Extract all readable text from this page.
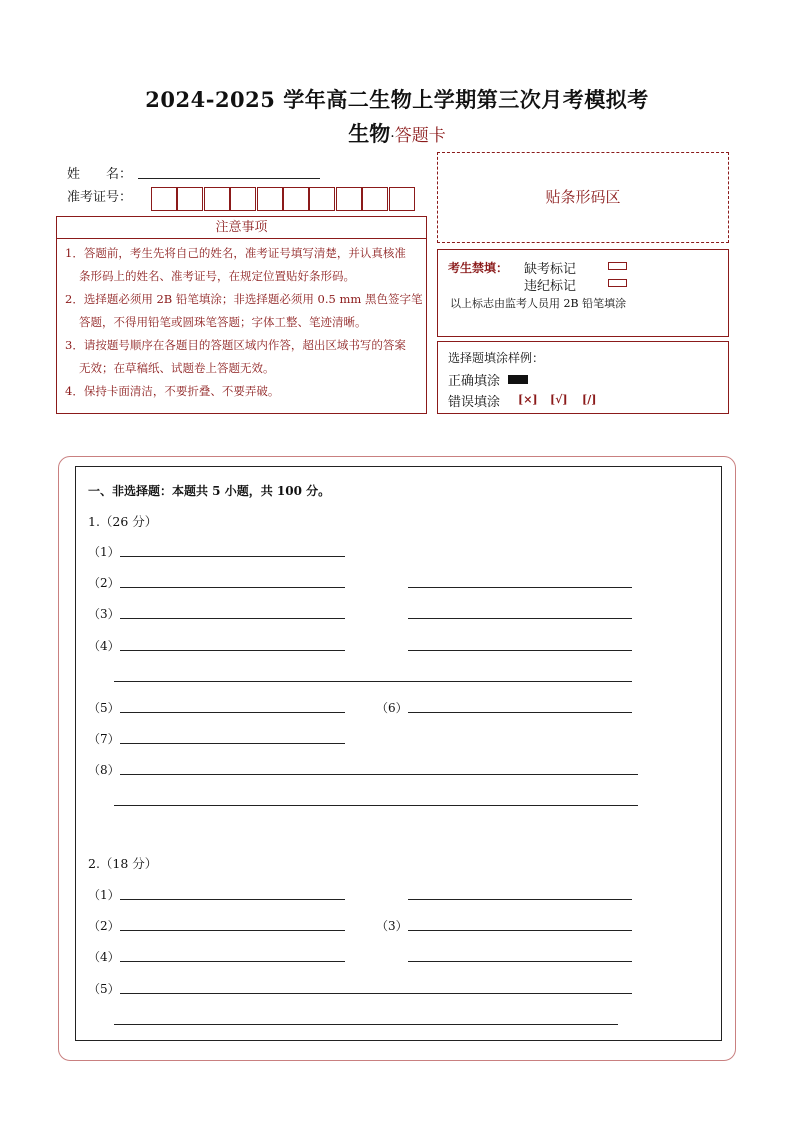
2024-2025 学年高二生物上学期第三次月考模拟考
生物·答题卡
姓　　名：
准考证号：
注意事项
1．答题前，考生先将自己的姓名，准考证号填写清楚，并认真核准
条形码上的姓名、准考证号，在规定位置贴好条形码。
2．选择题必须用 2B 铅笔填涂；非选择题必须用 0.5 mm 黑色签字笔
答题，不得用铅笔或圆珠笔答题；字体工整、笔迹清晰。
3．请按题号顺序在各题目的答题区域内作答，超出区域书写的答案
无效；在草稿纸、试题卷上答题无效。
4．保持卡面清洁，不要折叠、不要弄破。
贴条形码区
考生禁填： 缺考标记
违纪标记
以上标志由监考人员用 2B 铅笔填涂
选择题填涂样例：
正确填涂
错误填涂 [×] [√] [/]
一、非选择题：本题共 5 小题，共 100 分。
1.（26 分）
（1）
（2）
（3）
（4）
（5）	（6）
（7）
（8）
2.（18 分）
（1）
（2）	（3）
（4）
（5）
